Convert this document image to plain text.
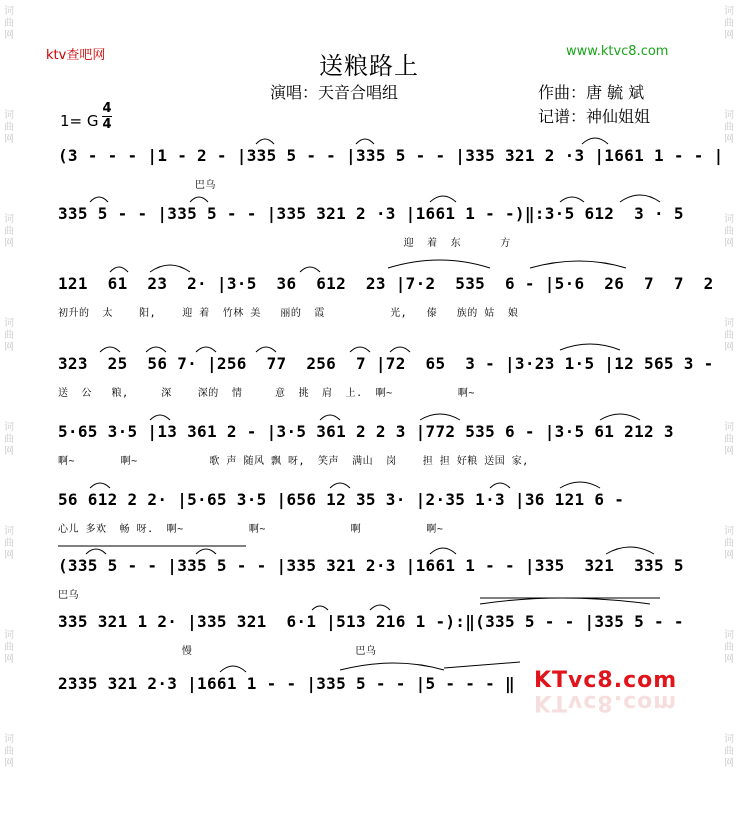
词
曲
网
词
曲
网
词
曲
网
词
曲
网
词
曲
网
词
曲
网
词
曲
网
词
曲
网
词
曲
网
词
曲
网
词
曲
网
词
曲
网
词
曲
网
词
曲
网
词
曲
网
词
曲
网
ktv查吧网	www.ktvc8.com
送粮路上
演唱：天音合唱组	作曲：唐 毓 斌
记谱：神仙姐姐
1= G
4
4
(3 - - - |1 - 2 - |335 5 - - |335 5 - - |335 321 2 ·3 |1661 1 - - |
巴乌
335 5 - - |335 5 - - |335 321 2 ·3 |1661 1 - -)‖:3·5 612  3 · 5
迎  着  东      方
121  61  23  2· |3·5  36  612  23 |7·2  535  6 - |5·6  26  7  7  2
初升的  太    阳,    迎 着  竹林 美   丽的  霞          光,   傣   族的 姑  娘
323  25  56 7· |256  77  256  7 |72  65  3 - |3·23 1·5 |12 565 3 -
送  公   粮,     深    深的  情     意  挑  肩  上.  啊~          啊~
5·65 3·5 |13 361 2 - |3·5 361 2 2 3 |772 535 6 - |3·5 61 212 3
啊~       啊~           歌 声 随风 飘 呀,  笑声  满山  岗    担 担 好粮 送国 家,
56 612 2 2· |5·65 3·5 |656 12 35 3· |2·35 1·3 |36 121 6 -
心儿 多欢  畅 呀.  啊~          啊~             啊          啊~
(335 5 - - |335 5 - - |335 321 2·3 |1661 1 - - |335  321  335 5
巴乌
335 321 1 2· |335 321  6·1 |513 216 1 -):‖(335 5 - - |335 5 - -
慢                         巴乌
2335 321 2·3 |1661 1 - - |335 5 - - |5 - - - ‖ KTvc8.com
KTvc8.com
